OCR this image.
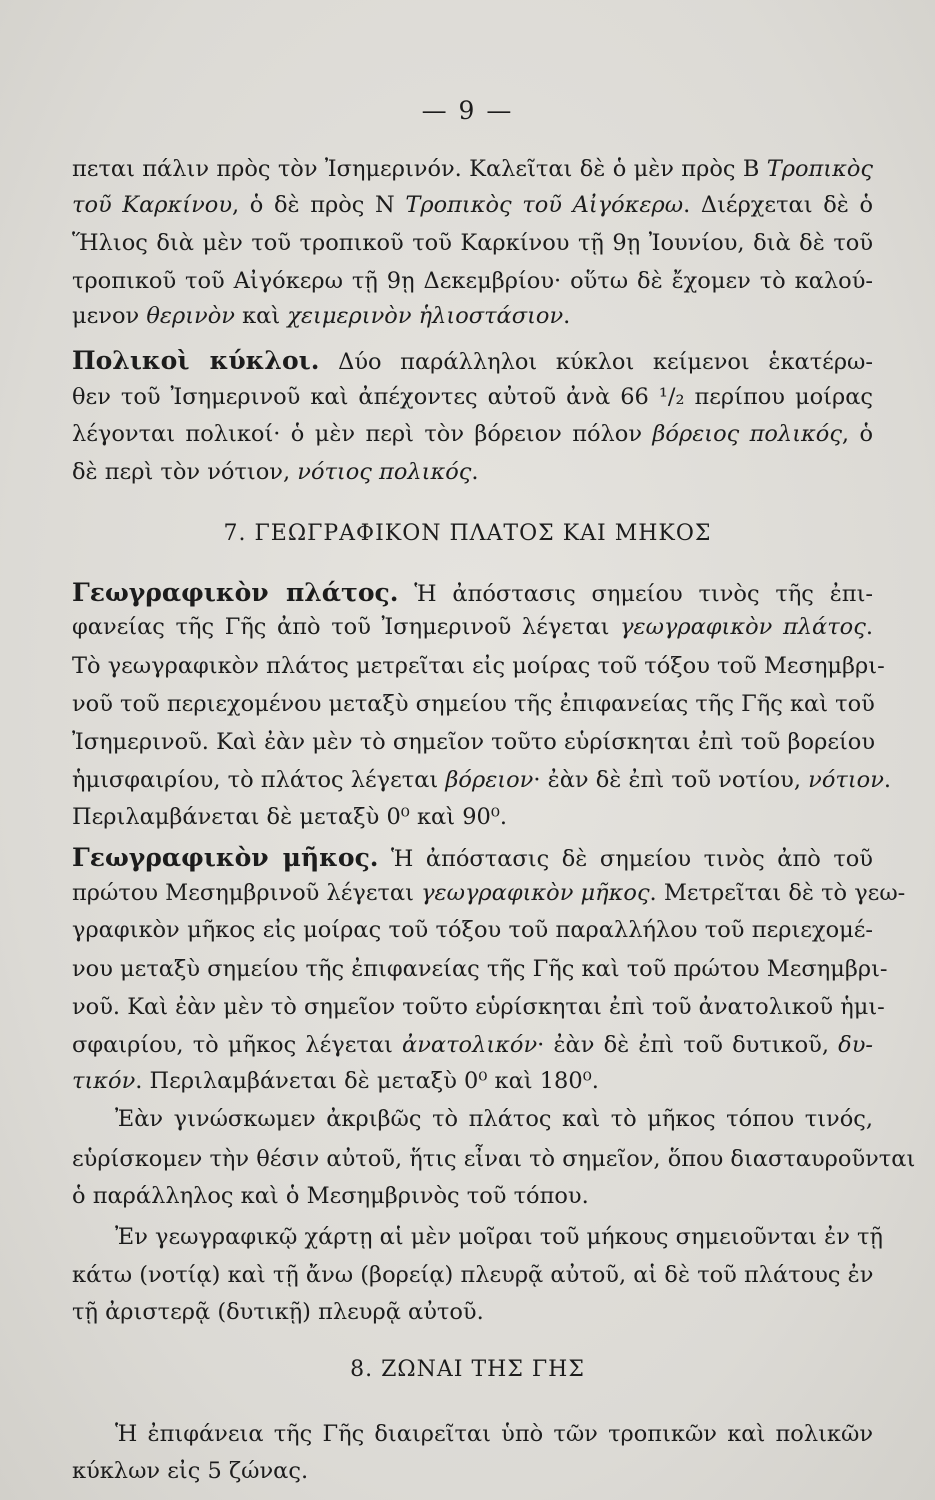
— 9 —
7. ΓΕΩΓΡΑΦΙΚΟΝ ΠΛΑΤΟΣ ΚΑΙ ΜΗΚΟΣ
8. ΖΩΝΑΙ ΤΗΣ ΓΗΣ
πεται πάλιν πρὸς τὸν Ἰσημερινόν. Καλεῖται δὲ ὁ μὲν πρὸς Β Τροπικὸς
τοῦ Καρκίνου, ὁ δὲ πρὸς Ν Τροπικὸς τοῦ Αἰγόκερω. Διέρχεται δὲ ὁ
Ἥλιος διὰ μὲν τοῦ τροπικοῦ τοῦ Καρκίνου τῇ 9ῃ Ἰουνίου, διὰ δὲ τοῦ
τροπικοῦ τοῦ Αἰγόκερω τῇ 9ῃ Δεκεμβρίου· οὕτω δὲ ἔχομεν τὸ καλού-
μενον θερινὸν καὶ χειμερινὸν ἡλιοστάσιον.
Πολικοὶ κύκλοι. Δύο παράλληλοι κύκλοι κείμενοι ἑκατέρω-
θεν τοῦ Ἰσημερινοῦ καὶ ἀπέχοντες αὐτοῦ ἀνὰ 66 ¹/₂ περίπου μοίρας
λέγονται πολικοί· ὁ μὲν περὶ τὸν βόρειον πόλον βόρειος πολικός, ὁ
δὲ περὶ τὸν νότιον, νότιος πολικός.
Γεωγραφικὸν πλάτος. Ἡ ἀπόστασις σημείου τινὸς τῆς ἐπι-
φανείας τῆς Γῆς ἀπὸ τοῦ Ἰσημερινοῦ λέγεται γεωγραφικὸν πλάτος.
Τὸ γεωγραφικὸν πλάτος μετρεῖται εἰς μοίρας τοῦ τόξου τοῦ Μεσημβρι-
νοῦ τοῦ περιεχομένου μεταξὺ σημείου τῆς ἐπιφανείας τῆς Γῆς καὶ τοῦ
Ἰσημερινοῦ. Καὶ ἐὰν μὲν τὸ σημεῖον τοῦτο εὑρίσκηται ἐπὶ τοῦ βορείου
ἡμισφαιρίου, τὸ πλάτος λέγεται βόρειον· ἐὰν δὲ ἐπὶ τοῦ νοτίου, νότιον.
Περιλαμβάνεται δὲ μεταξὺ 0⁰ καὶ 90⁰.
Γεωγραφικὸν μῆκος. Ἡ ἀπόστασις δὲ σημείου τινὸς ἀπὸ τοῦ
πρώτου Μεσημβρινοῦ λέγεται γεωγραφικὸν μῆκος. Μετρεῖται δὲ τὸ γεω-
γραφικὸν μῆκος εἰς μοίρας τοῦ τόξου τοῦ παραλλήλου τοῦ περιεχομέ-
νου μεταξὺ σημείου τῆς ἐπιφανείας τῆς Γῆς καὶ τοῦ πρώτου Μεσημβρι-
νοῦ. Καὶ ἐὰν μὲν τὸ σημεῖον τοῦτο εὑρίσκηται ἐπὶ τοῦ ἀνατολικοῦ ἡμι-
σφαιρίου, τὸ μῆκος λέγεται ἀνατολικόν· ἐὰν δὲ ἐπὶ τοῦ δυτικοῦ, δυ-
τικόν. Περιλαμβάνεται δὲ μεταξὺ 0⁰ καὶ 180⁰.
Ἐὰν γινώσκωμεν ἀκριβῶς τὸ πλάτος καὶ τὸ μῆκος τόπου τινός,
εὑρίσκομεν τὴν θέσιν αὐτοῦ, ἥτις εἶναι τὸ σημεῖον, ὅπου διασταυροῦνται
ὁ παράλληλος καὶ ὁ Μεσημβρινὸς τοῦ τόπου.
Ἐν γεωγραφικῷ χάρτῃ αἱ μὲν μοῖραι τοῦ μήκους σημειοῦνται ἐν τῇ
κάτω (νοτίᾳ) καὶ τῇ ἄνω (βορείᾳ) πλευρᾷ αὐτοῦ, αἱ δὲ τοῦ πλάτους ἐν
τῇ ἀριστερᾷ (δυτικῇ) πλευρᾷ αὐτοῦ.
Ἡ ἐπιφάνεια τῆς Γῆς διαιρεῖται ὑπὸ τῶν τροπικῶν καὶ πολικῶν
κύκλων εἰς 5 ζώνας.
